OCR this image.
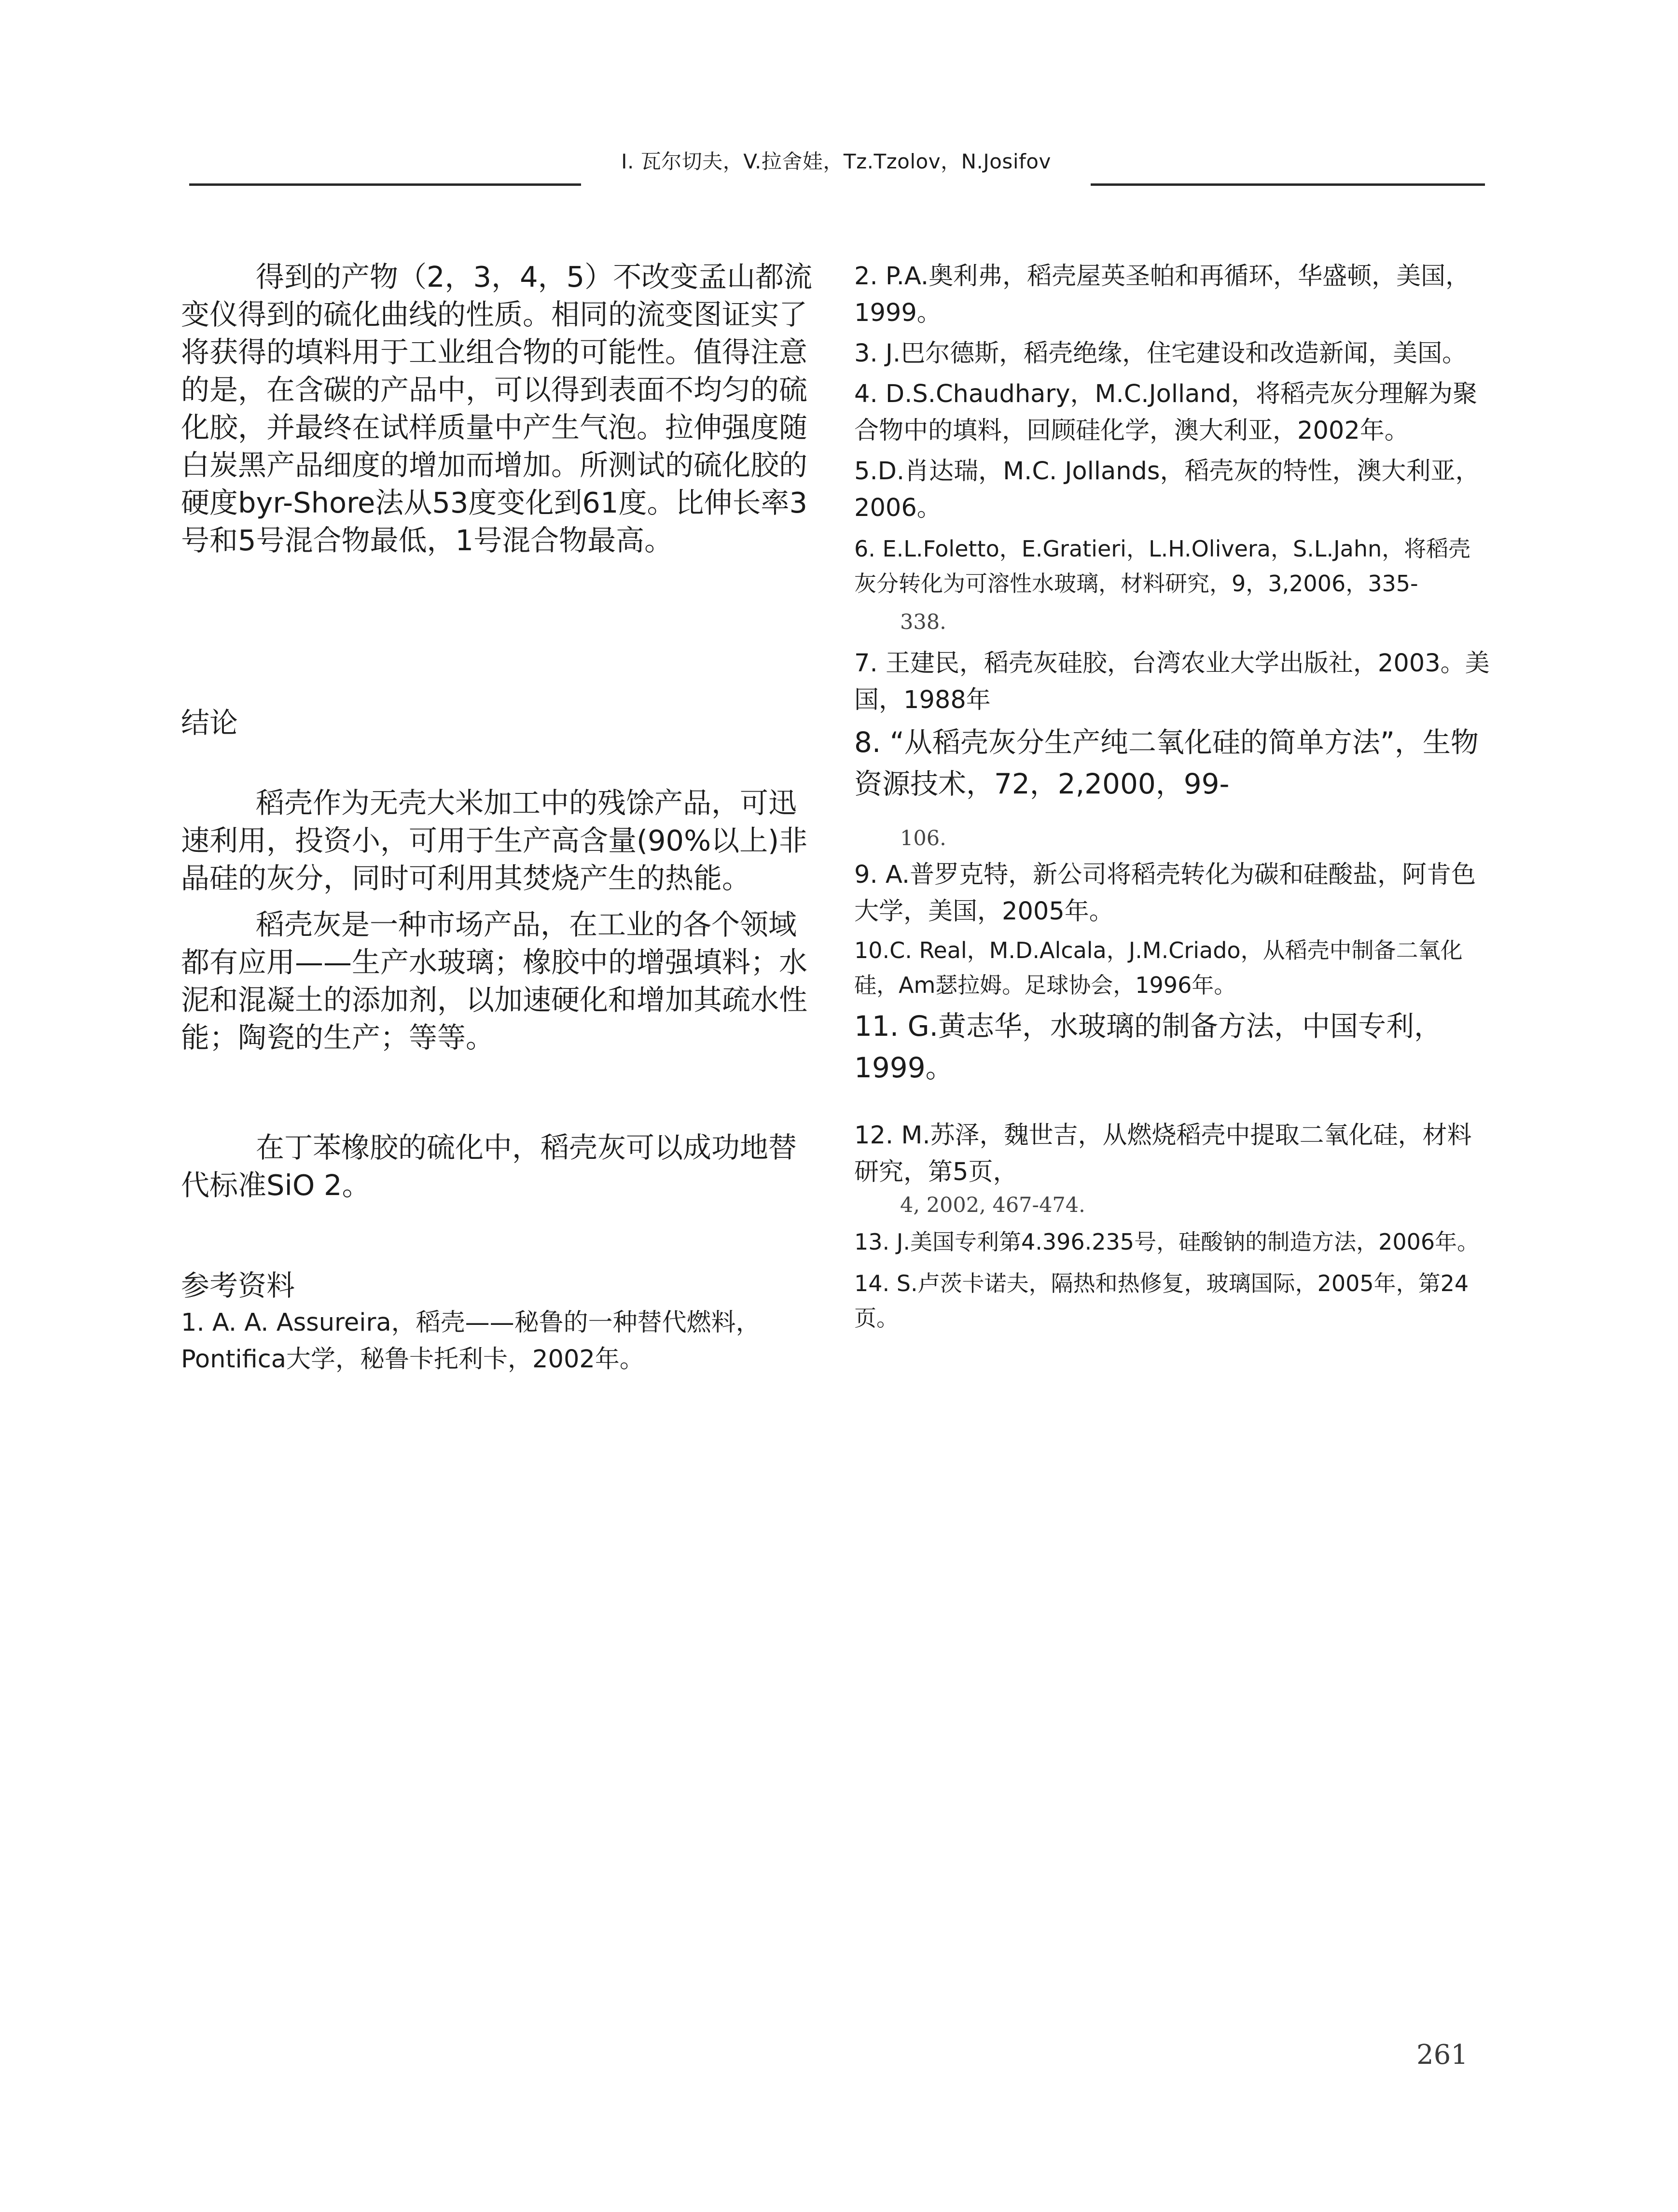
I. 瓦尔切夫，V.拉舍娃，Tz.Tzolov，N.Josifov

得到的产物（2，3，4，5）不改变孟山都流变仪得到的硫化曲线的性质。相同的流变图证实了将获得的填料用于工业组合物的可能性。值得注意的是，在含碳的产品中，可以得到表面不均匀的硫化胶，并最终在试样质量中产生气泡。拉伸强度随白炭黑产品细度的增加而增加。所测试的硫化胶的硬度byr-Shore法从53度变化到61度。比伸长率3号和5号混合物最低，1号混合物最高。

结论

稻壳作为无壳大米加工中的残馀产品，可迅速利用，投资小，可用于生产高含量(90%以上)非晶硅的灰分，同时可利用其焚烧产生的热能。

稻壳灰是一种市场产品，在工业的各个领域都有应用——生产水玻璃；橡胶中的增强填料；水泥和混凝土的添加剂，以加速硬化和增加其疏水性能；陶瓷的生产；等等。

在丁苯橡胶的硫化中，稻壳灰可以成功地替代标准SiO 2。

参考资料

1. A. A. Assureira，稻壳——秘鲁的一种替代燃料，Pontifica大学，秘鲁卡托利卡，2002年。

2. P.A.奥利弗，稻壳屋英圣帕和再循环，华盛顿，美国，1999。

3. J.巴尔德斯，稻壳绝缘，住宅建设和改造新闻，美国。

4. D.S.Chaudhary，M.C.Jolland，将稻壳灰分理解为聚合物中的填料，回顾硅化学，澳大利亚，2002年。

5.D.肖达瑞，M.C. Jollands，稻壳灰的特性，澳大利亚，2006。

6. E.L.Foletto，E.Gratieri，L.H.Olivera，S.L.Jahn，将稻壳灰分转化为可溶性水玻璃，材料研究，9，3,2006，335-

338.

7. 王建民，稻壳灰硅胶，台湾农业大学出版社，2003。美国，1988年

8. “从稻壳灰分生产纯二氧化硅的简单方法”，生物资源技术，72，2,2000，99-

106.

9. A.普罗克特，新公司将稻壳转化为碳和硅酸盐，阿肯色大学，美国，2005年。

10.C. Real，M.D.Alcala，J.M.Criado，从稻壳中制备二氧化硅，Am瑟拉姆。足球协会，1996年。

11. G.黄志华，水玻璃的制备方法，中国专利，1999。

12. M.苏泽，魏世吉，从燃烧稻壳中提取二氧化硅，材料研究，第5页，

4, 2002, 467-474.

13. J.美国专利第4.396.235号，硅酸钠的制造方法，2006年。

14. S.卢茨卡诺夫，隔热和热修复，玻璃国际，2005年，第24页。

261
